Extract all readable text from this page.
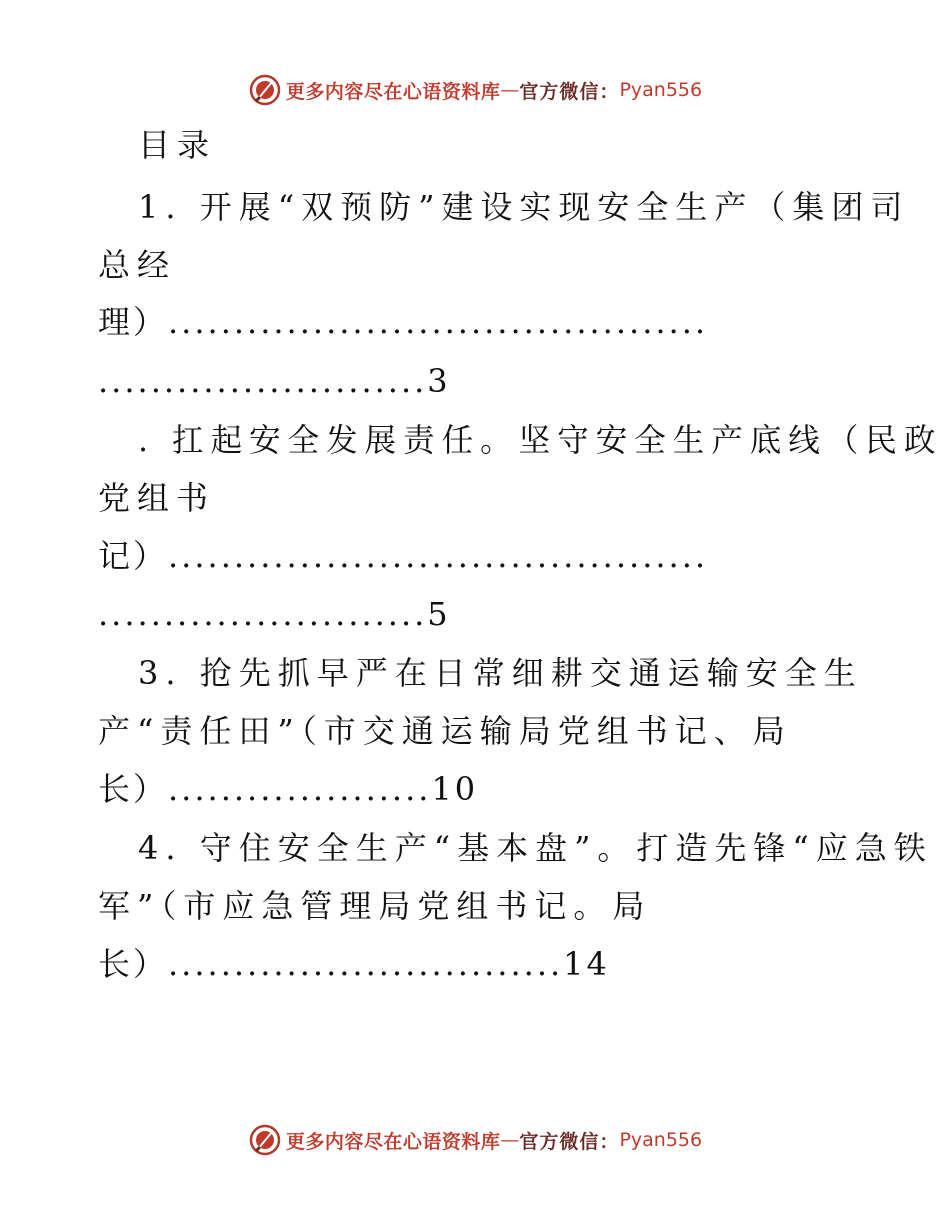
更多内容尽在心语资料库 — 官方微信： Pyan556
目录
1. 开展“双预防”建设实现安全生产（集团司
总经
理）.........................................
.........................3
. 扛起安全发展责任。坚守安全生产底线（民政
党组书
记）.........................................
.........................5
3. 抢先抓早严在日常细耕交通运输安全生
产“责任田”（市交通运输局党组书记、局
长）....................10
4. 守住安全生产“基本盘”。打造先锋“应急铁
军”（市应急管理局党组书记。局
长）..............................14
更多内容尽在心语资料库 — 官方微信： Pyan556
